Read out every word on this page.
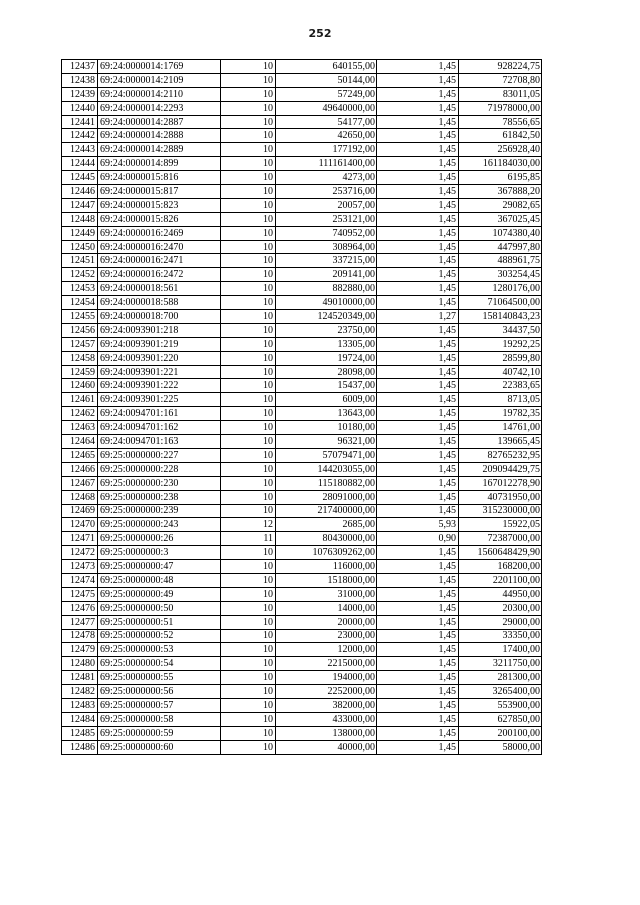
252
12437	69:24:0000014:1769	10	640155,00	1,45	928224,75
12438	69:24:0000014:2109	10	50144,00	1,45	72708,80
12439	69:24:0000014:2110	10	57249,00	1,45	83011,05
12440	69:24:0000014:2293	10	49640000,00	1,45	71978000,00
12441	69:24:0000014:2887	10	54177,00	1,45	78556,65
12442	69:24:0000014:2888	10	42650,00	1,45	61842,50
12443	69:24:0000014:2889	10	177192,00	1,45	256928,40
12444	69:24:0000014:899	10	111161400,00	1,45	161184030,00
12445	69:24:0000015:816	10	4273,00	1,45	6195,85
12446	69:24:0000015:817	10	253716,00	1,45	367888,20
12447	69:24:0000015:823	10	20057,00	1,45	29082,65
12448	69:24:0000015:826	10	253121,00	1,45	367025,45
12449	69:24:0000016:2469	10	740952,00	1,45	1074380,40
12450	69:24:0000016:2470	10	308964,00	1,45	447997,80
12451	69:24:0000016:2471	10	337215,00	1,45	488961,75
12452	69:24:0000016:2472	10	209141,00	1,45	303254,45
12453	69:24:0000018:561	10	882880,00	1,45	1280176,00
12454	69:24:0000018:588	10	49010000,00	1,45	71064500,00
12455	69:24:0000018:700	10	124520349,00	1,27	158140843,23
12456	69:24:0093901:218	10	23750,00	1,45	34437,50
12457	69:24:0093901:219	10	13305,00	1,45	19292,25
12458	69:24:0093901:220	10	19724,00	1,45	28599,80
12459	69:24:0093901:221	10	28098,00	1,45	40742,10
12460	69:24:0093901:222	10	15437,00	1,45	22383,65
12461	69:24:0093901:225	10	6009,00	1,45	8713,05
12462	69:24:0094701:161	10	13643,00	1,45	19782,35
12463	69:24:0094701:162	10	10180,00	1,45	14761,00
12464	69:24:0094701:163	10	96321,00	1,45	139665,45
12465	69:25:0000000:227	10	57079471,00	1,45	82765232,95
12466	69:25:0000000:228	10	144203055,00	1,45	209094429,75
12467	69:25:0000000:230	10	115180882,00	1,45	167012278,90
12468	69:25:0000000:238	10	28091000,00	1,45	40731950,00
12469	69:25:0000000:239	10	217400000,00	1,45	315230000,00
12470	69:25:0000000:243	12	2685,00	5,93	15922,05
12471	69:25:0000000:26	11	80430000,00	0,90	72387000,00
12472	69:25:0000000:3	10	1076309262,00	1,45	1560648429,90
12473	69:25:0000000:47	10	116000,00	1,45	168200,00
12474	69:25:0000000:48	10	1518000,00	1,45	2201100,00
12475	69:25:0000000:49	10	31000,00	1,45	44950,00
12476	69:25:0000000:50	10	14000,00	1,45	20300,00
12477	69:25:0000000:51	10	20000,00	1,45	29000,00
12478	69:25:0000000:52	10	23000,00	1,45	33350,00
12479	69:25:0000000:53	10	12000,00	1,45	17400,00
12480	69:25:0000000:54	10	2215000,00	1,45	3211750,00
12481	69:25:0000000:55	10	194000,00	1,45	281300,00
12482	69:25:0000000:56	10	2252000,00	1,45	3265400,00
12483	69:25:0000000:57	10	382000,00	1,45	553900,00
12484	69:25:0000000:58	10	433000,00	1,45	627850,00
12485	69:25:0000000:59	10	138000,00	1,45	200100,00
12486	69:25:0000000:60	10	40000,00	1,45	58000,00
